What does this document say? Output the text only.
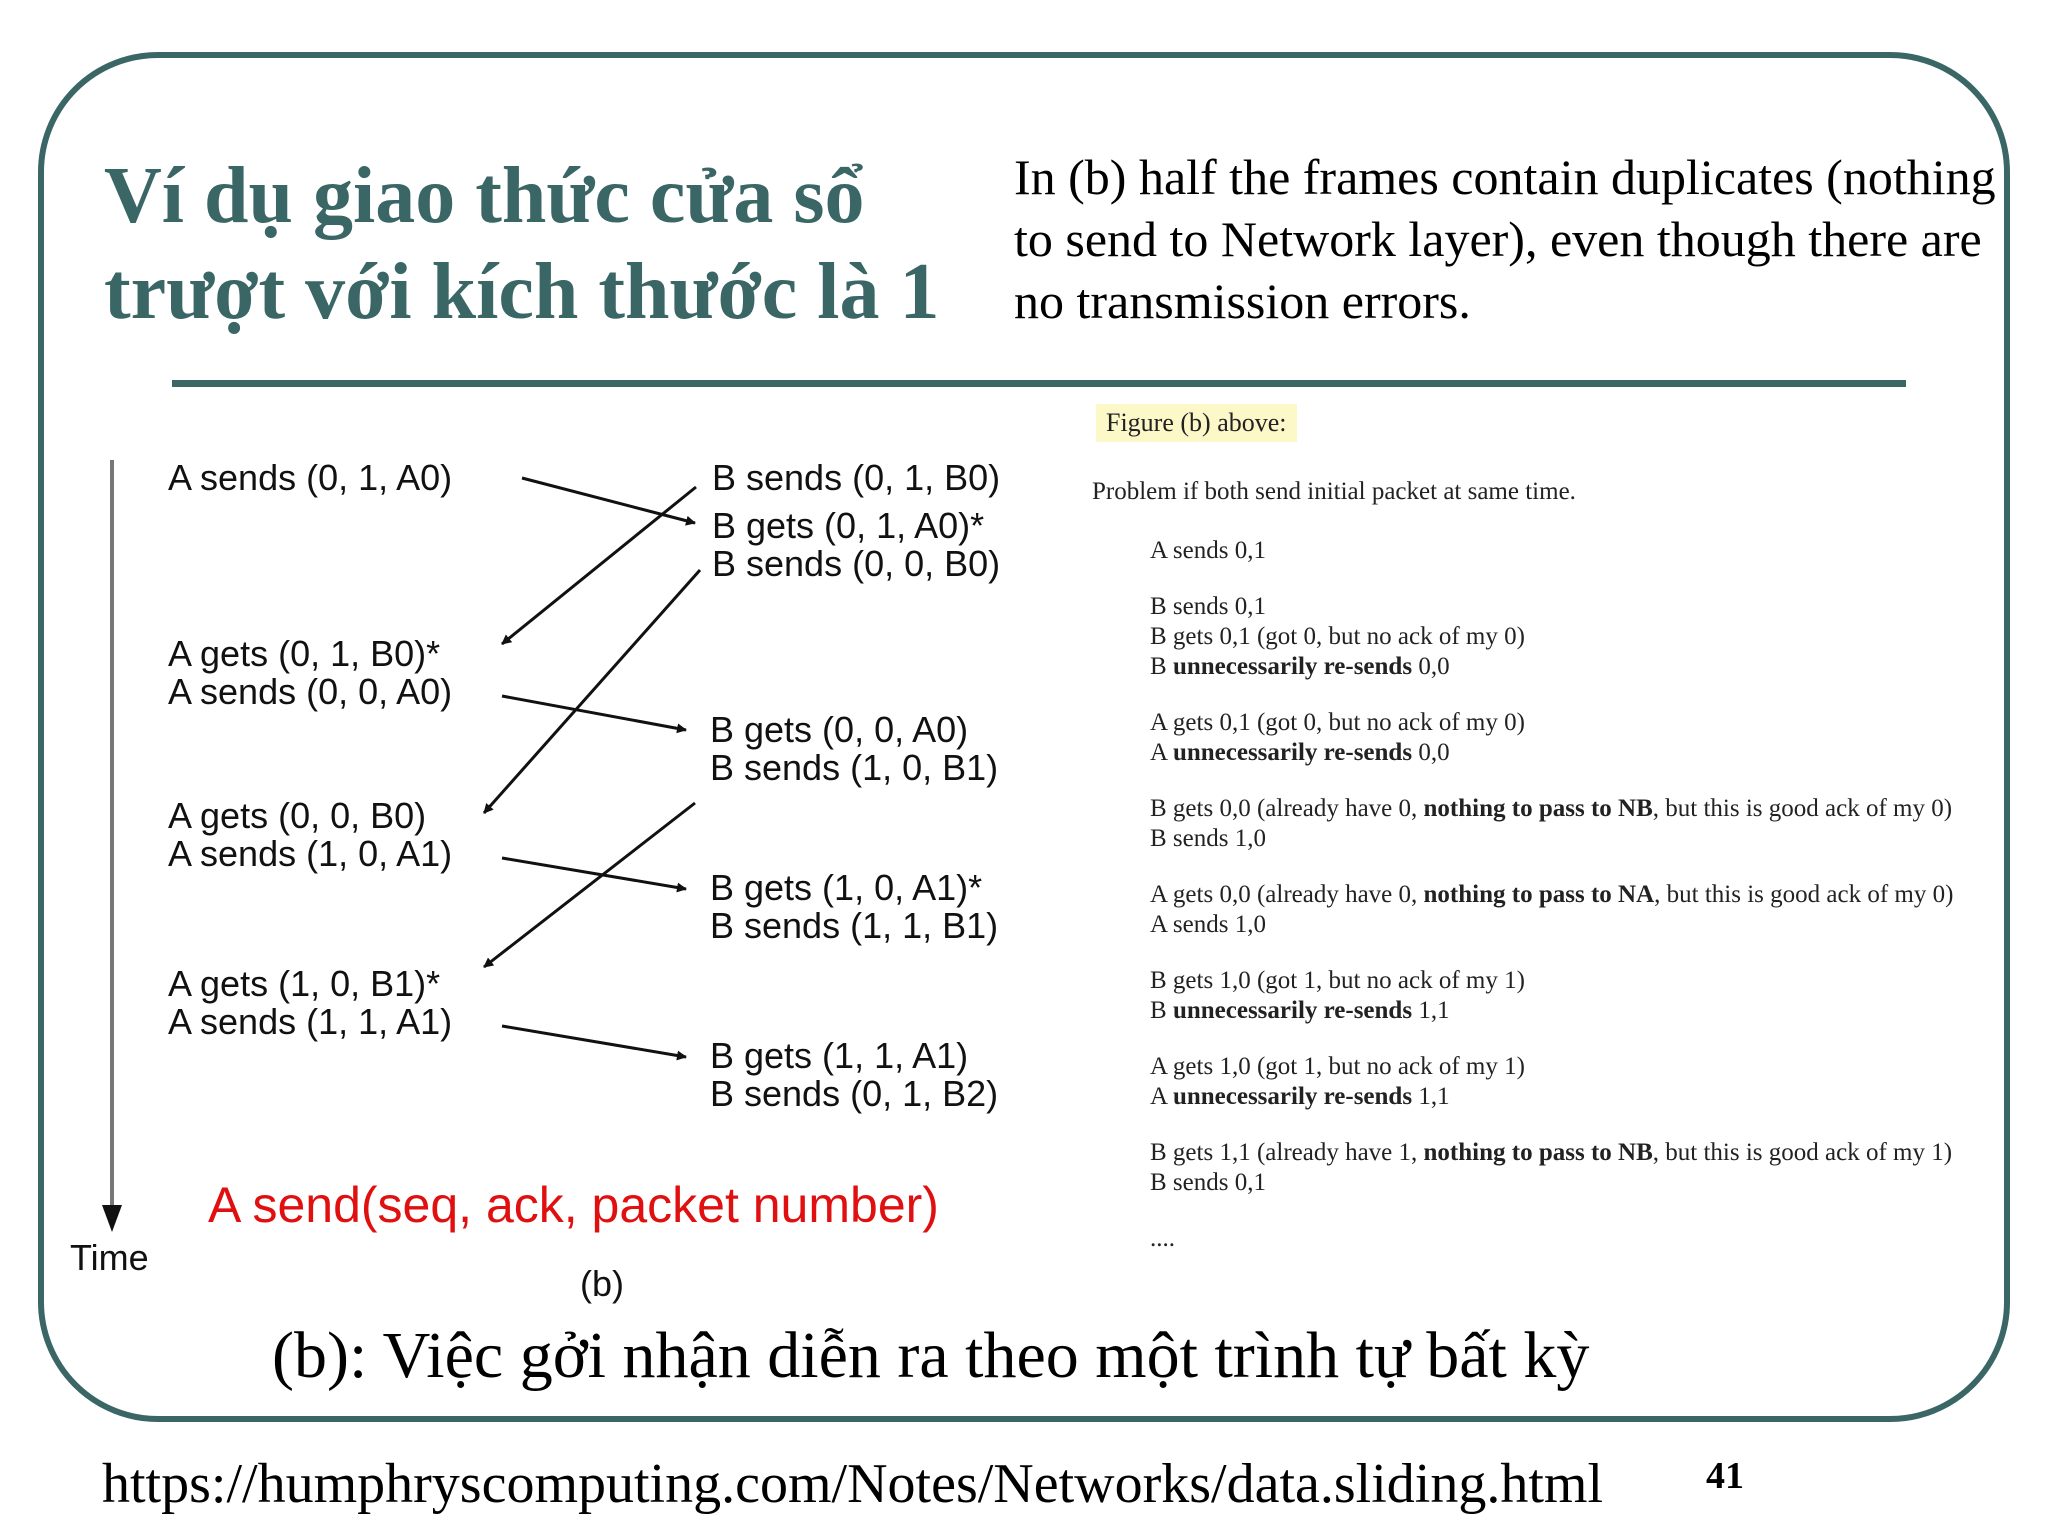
Ví dụ giao thức cửa sổ
trượt với kích thước là 1
In (b) half the frames contain duplicates (nothing to send to Network layer), even though there are no transmission errors.
Time
(b)
A sends (0, 1, A0)
A gets (0, 1, B0)*
A sends (0, 0, A0)
A gets (0, 0, B0)
A sends (1, 0, A1)
A gets (1, 0, B1)*
A sends (1, 1, A1)
B sends (0, 1, B0)
B gets (0, 1, A0)*
B sends (0, 0, B0)
B gets (0, 0, A0)
B sends (1, 0, B1)
B gets (1, 0, A1)*
B sends (1, 1, B1)
B gets (1, 1, A1)
B sends (0, 1, B2)
A send(seq, ack, packet number)
Figure (b) above:
Problem if both send initial packet at same time.
A sends 0,1
B sends 0,1
B gets 0,1 (got 0, but no ack of my 0)
B unnecessarily re-sends 0,0
A gets 0,1 (got 0, but no ack of my 0)
A unnecessarily re-sends 0,0
B gets 0,0 (already have 0, nothing to pass to NB, but this is good ack of my 0)
B sends 1,0
A gets 0,0 (already have 0, nothing to pass to NA, but this is good ack of my 0)
A sends 1,0
B gets 1,0 (got 1, but no ack of my 1)
B unnecessarily re-sends 1,1
A gets 1,0 (got 1, but no ack of my 1)
A unnecessarily re-sends 1,1
B gets 1,1 (already have 1, nothing to pass to NB, but this is good ack of my 1)
B sends 0,1
....
(b): Việc gởi nhận diễn ra theo một trình tự bất kỳ
https://humphryscomputing.com/Notes/Networks/data.sliding.html	41
